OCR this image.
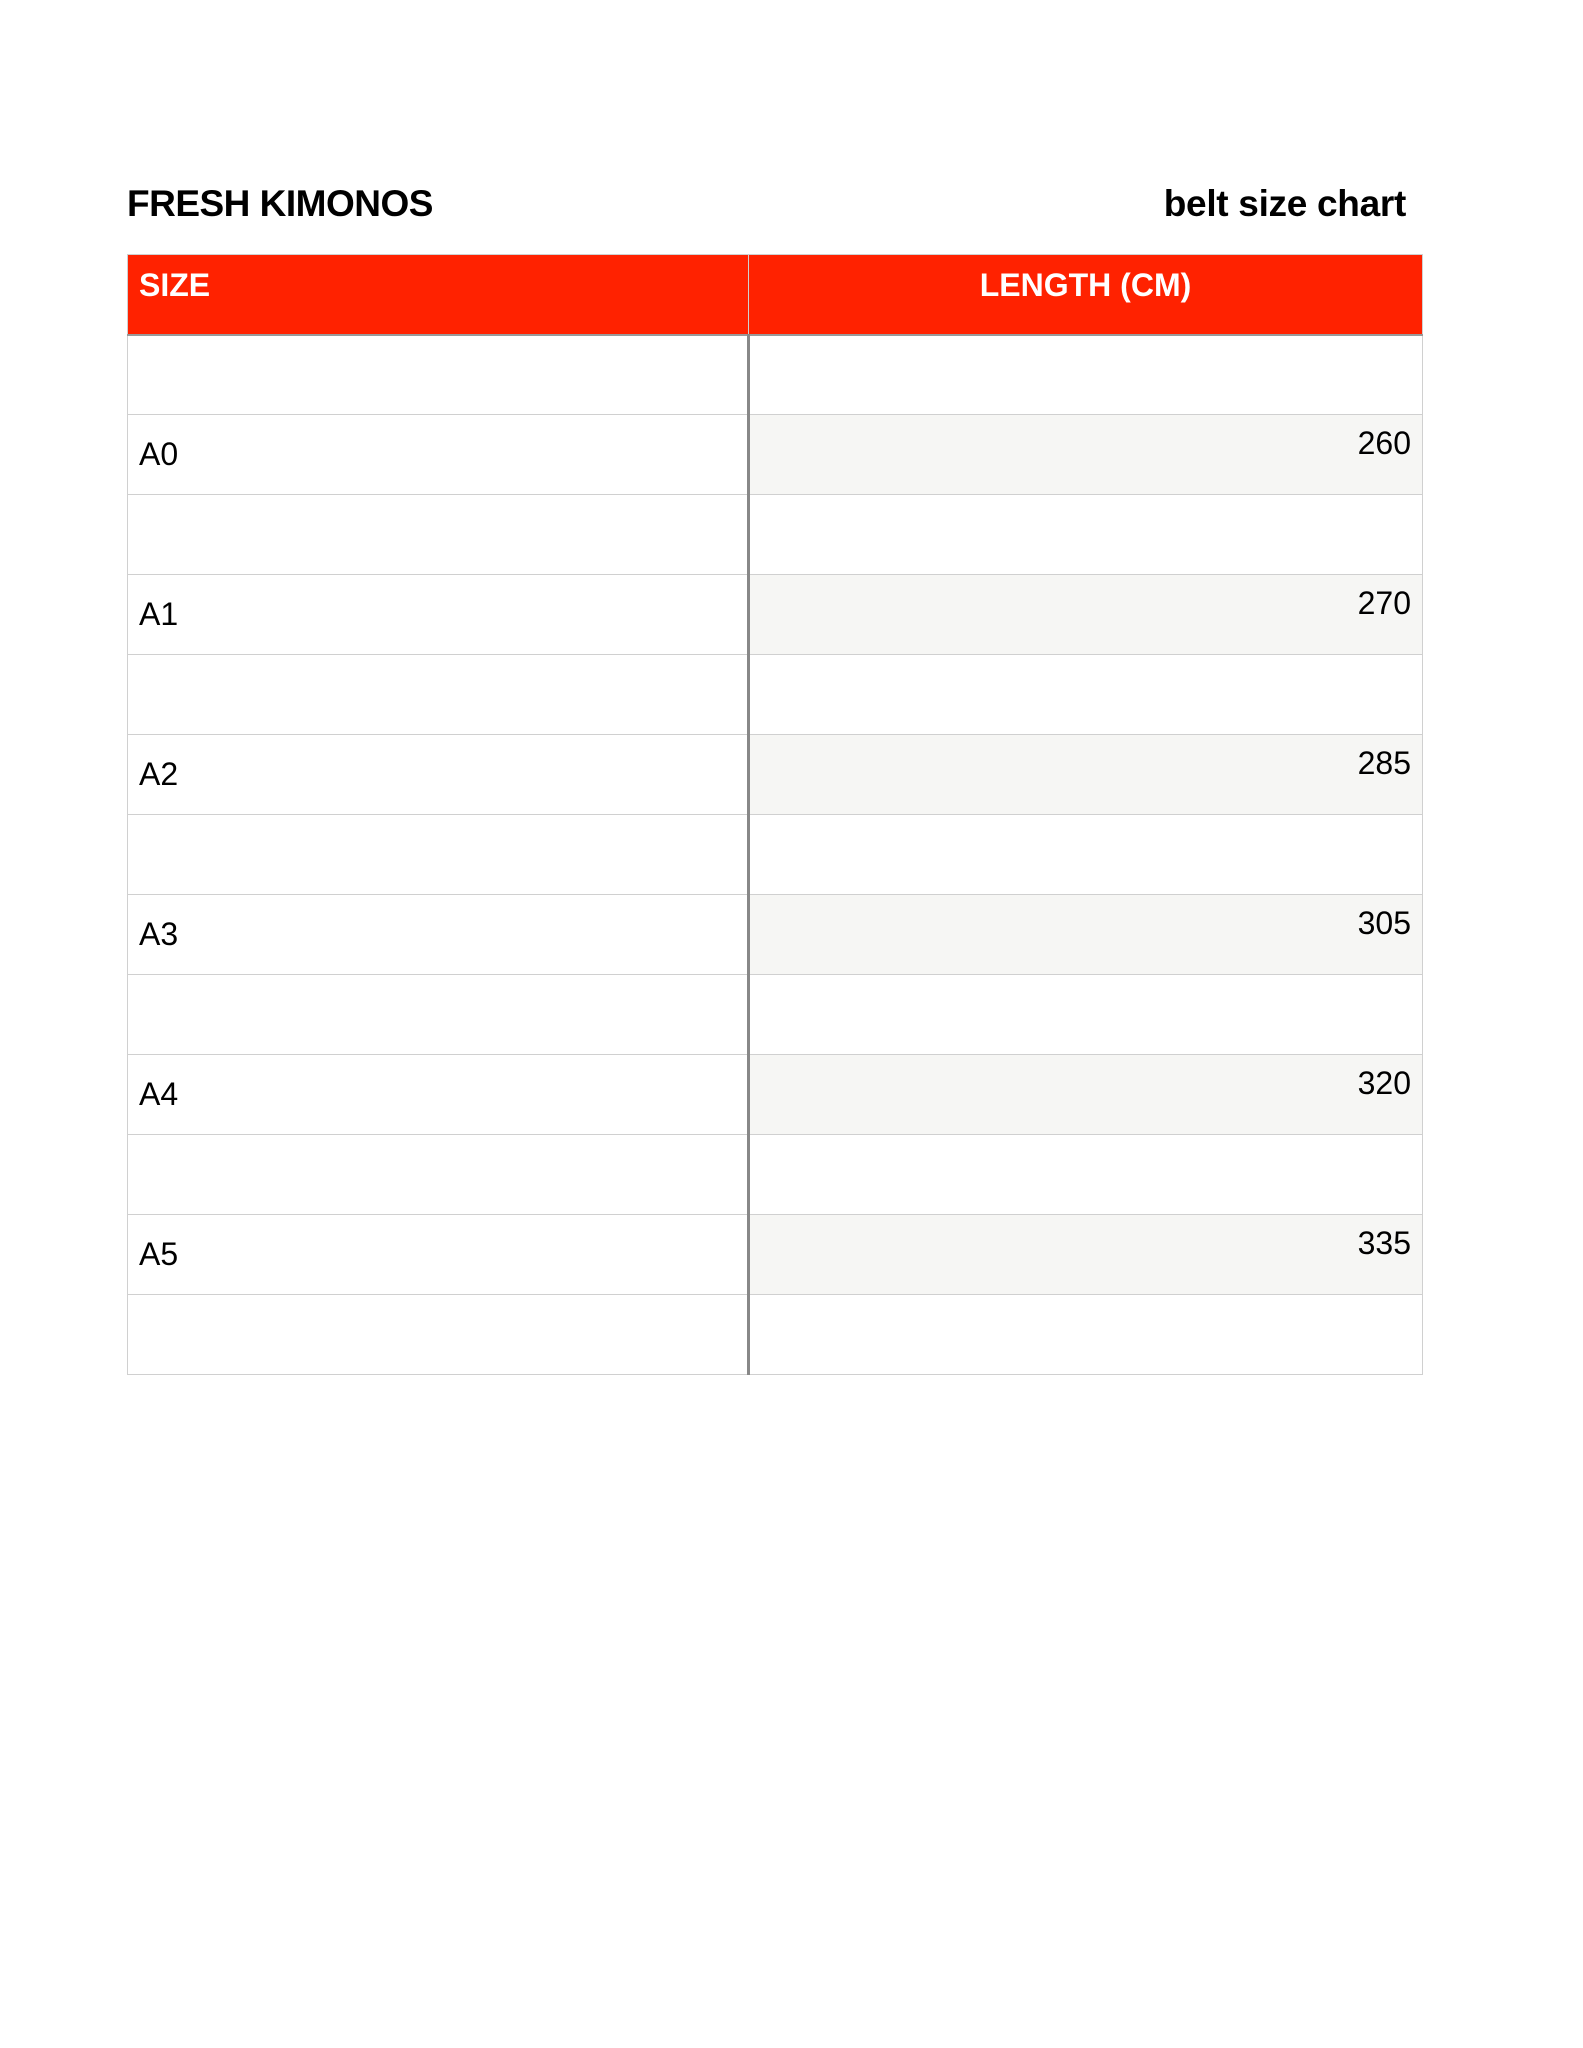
FRESH KIMONOS	belt size chart
SIZE	LENGTH (CM)

A0	260

A1	270

A2	285

A3	305

A4	320

A5	335
